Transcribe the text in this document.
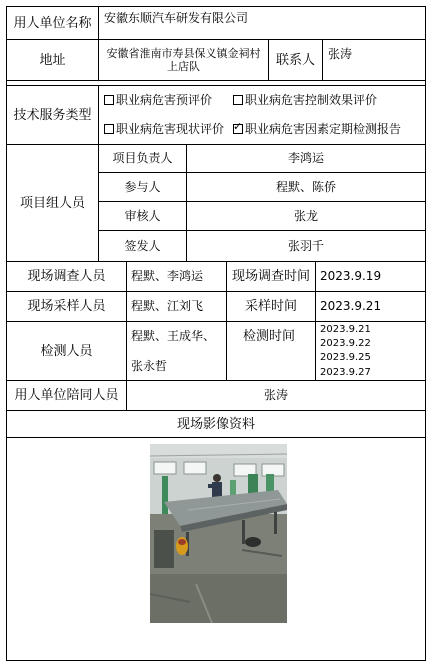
用人单位名称	安徽东顺汽车研发有限公司
地址	安徽省淮南市寿县保义镇金祠村
上店队	联系人	张涛
技术服务类型
职业病危害预评价	职业病危害控制效果评价
职业病危害现状评价
✓	职业病危害因素定期检测报告
项目组人员
项目负责人	李鸿运
参与人	程默、陈侨
审核人	张龙
签发人	张羽千
现场调查人员	程默、李鸿运	现场调查时间 2023.9.19
现场采样人员	程默、江刘飞	采样时间	2023.9.21
检测人员
程默、王成华、
张永哲
检测时间 2023.9.21
2023.9.22
2023.9.25
2023.9.27
用人单位陪同人员	张涛
现场影像资料
